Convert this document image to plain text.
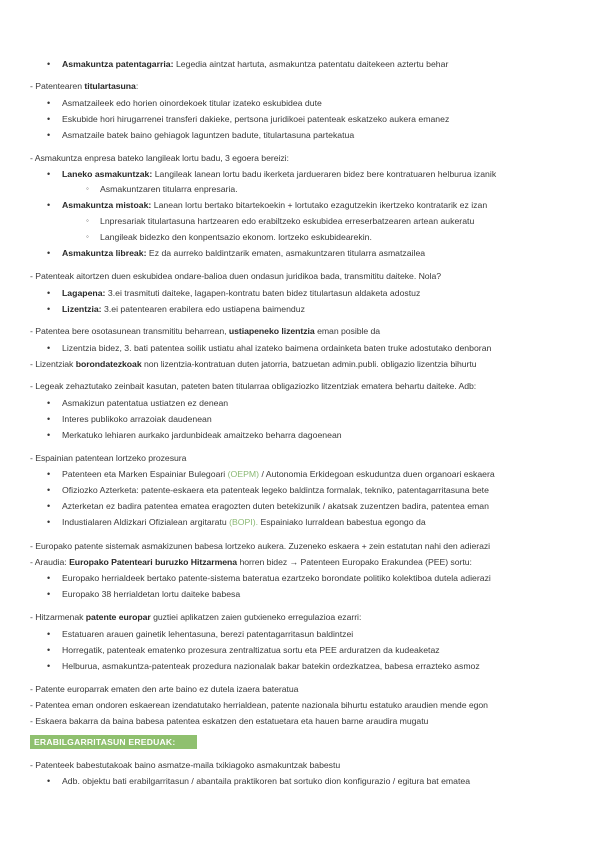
• Asmakuntza patentagarria: Legedia aintzat hartuta, asmakuntza patentatu daitekeen aztertu behar
- Patentearen titulartasuna:
• Asmatzaileek edo horien oinordekoek titular izateko eskubidea dute
• Eskubide hori hirugarrenei transferi dakieke, pertsona juridikoei patenteak eskatzeko aukera emanez
• Asmatzaile batek baino gehiagok laguntzen badute, titulartasuna partekatua
- Asmakuntza enpresa bateko langileak lortu badu, 3 egoera bereizi:
• Laneko asmakuntzak: Langileak lanean lortu badu ikerketa jardueraren bidez bere kontratuaren helburua izanik
◦ Asmakuntzaren titularra enpresaria.
• Asmakuntza mistoak: Lanean lortu bertako bitartekoekin + lortutako ezagutzekin ikertzeko kontratarik ez izan
◦ Lnpresariak titulartasuna hartzearen edo erabiltzeko eskubidea erreserbatzearen artean aukeratu
◦ Langileak bidezko den konpentsazio ekonom. lortzeko eskubidearekin.
• Asmakuntza libreak: Ez da aurreko baldintzarik ematen, asmakuntzaren titularra asmatzailea
- Patenteak aitortzen duen eskubidea ondare-balioa duen ondasun juridikoa bada, transmititu daiteke. Nola?
• Lagapena: 3.ei trasmituti daiteke, lagapen-kontratu baten bidez titulartasun aldaketa adostuz
• Lizentzia: 3.ei patentearen erabilera edo ustiapena baimenduz
- Patentea bere osotasunean transmititu beharrean, ustiapeneko lizentzia eman posible da
• Lizentzia bidez, 3. bati patentea soilik ustiatu ahal izateko baimena ordainketa baten truke adostutako denboran
- Lizentziak borondatezkoak non lizentzia-kontratuan duten jatorria, batzuetan admin.publi. obligazio lizentzia bihurtu
- Legeak zehaztutako zeinbait kasutan, pateten baten titularraa obligaziozko litzentziak ematera behartu daiteke. Adb:
• Asmakizun patentatua ustiatzen ez denean
• Interes publikoko arrazoiak daudenean
• Merkatuko lehiaren aurkako jardunbideak amaitzeko beharra dagoenean
- Espainian patentean lortzeko prozesura
• Patenteen eta Marken Espainiar Bulegoari (OEPM) / Autonomia Erkidegoan eskuduntza duen organoari eskaera
• Ofiziozko Azterketa: patente-eskaera eta patenteak legeko baldintza formalak, tekniko, patentagarritasuna bete
• Azterketan ez badira patentea ematea eragozten duten betekizunik / akatsak zuzentzen badira, patentea eman
• Industialaren Aldizkari Ofizialean argitaratu (BOPI). Espainiako lurraldean babestua egongo da
- Europako patente sistemak asmakizunen babesa lortzeko aukera. Zuzeneko eskaera + zein estatutan nahi den adierazi
- Araudia: Europako Patenteari buruzko Hitzarmena horren bidez → Patenteen Europako Erakundea (PEE) sortu:
• Europako herrialdeek bertako patente-sistema bateratua ezartzeko borondate politiko kolektiboa dutela adierazi
• Europako 38 herrialdetan lortu daiteke babesa
- Hitzarmenak patente europar guztiei aplikatzen zaien gutxieneko erregulazioa ezarri:
• Estatuaren arauen gainetik lehentasuna, berezi patentagarritasun baldintzei
• Horregatik, patenteak ematenko prozesura zentraltizatua sortu eta PEE arduratzen da kudeaketaz
• Helburua, asmakuntza-patenteak prozedura nazionalak bakar batekin ordezkatzea, babesa errazteko asmoz
- Patente europarrak ematen den arte baino ez dutela izaera bateratua
- Patentea eman ondoren eskaerean izendatutako herrialdean, patente nazionala bihurtu estatuko araudien mende egon
- Eskaera bakarra da baina babesa patentea eskatzen den estatuetara eta hauen barne araudira mugatu
ERABILGARRITASUN EREDUAK:
- Patenteek babestutakoak baino asmatze-maila txikiagoko asmakuntzak babestu
• Adb. objektu bati erabilgarritasun / abantaila praktikoren bat sortuko dion konfigurazio / egitura bat ematea
